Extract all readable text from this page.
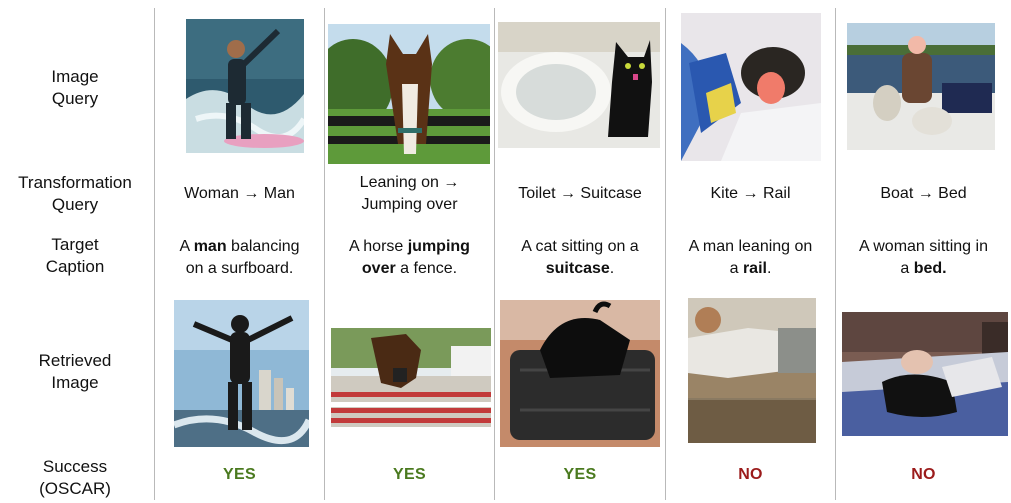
Image
Query
Transformation
Query
Target
Caption
Retrieved
Image
Success
(OSCAR)
Woman → Man
A man balancing
on a surfboard.
YES
Leaning on →
Jumping over
A horse jumping
over a fence.
YES
Toilet → Suitcase
A cat sitting on a
suitcase.
YES
Kite → Rail
A man leaning on
a rail.
NO
Boat → Bed
A woman sitting in
a bed.
NO
